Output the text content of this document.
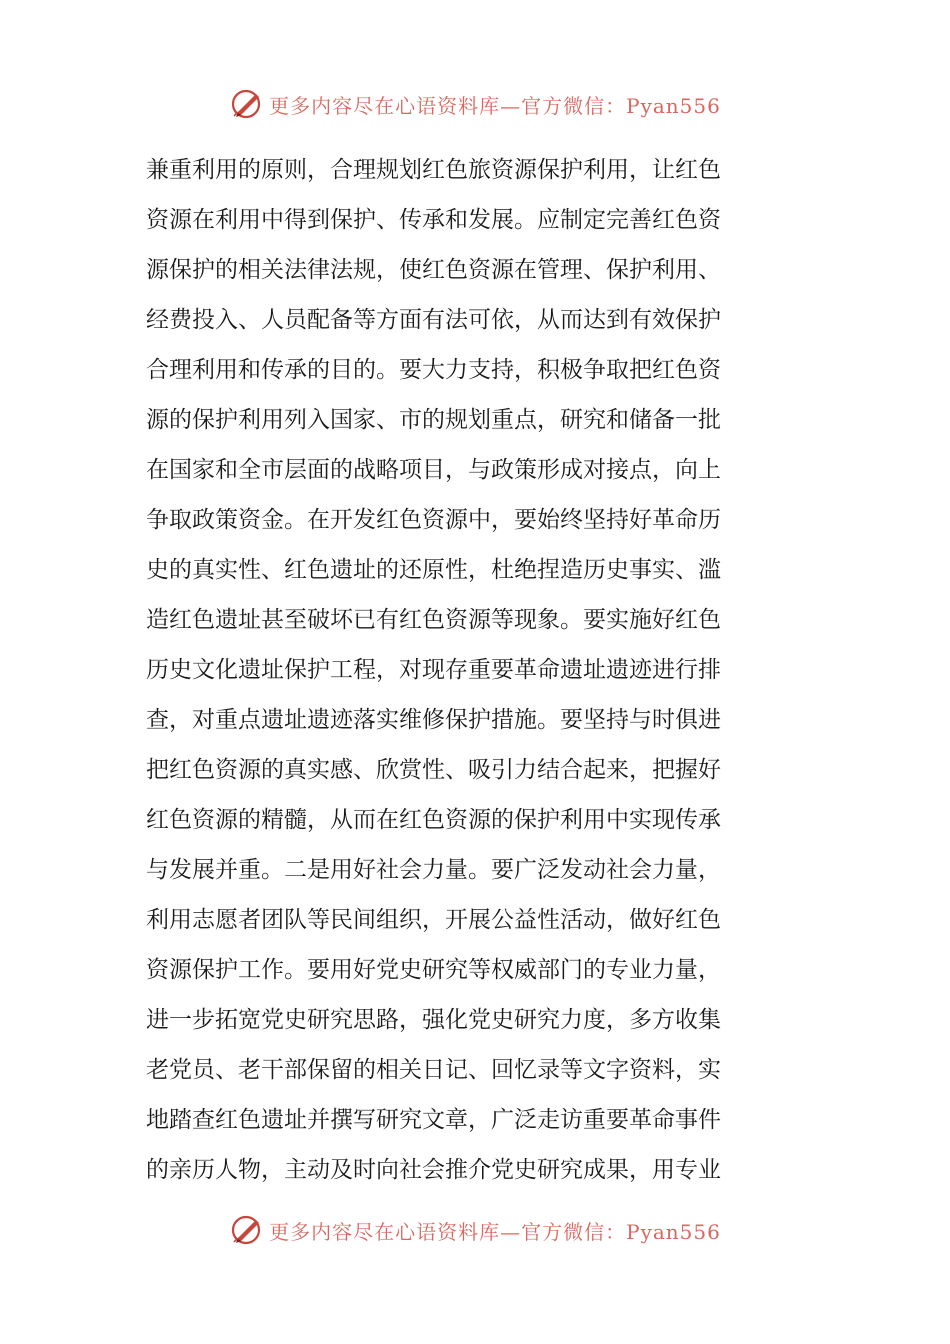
更多内容尽在心语资料库—官方微信：Pyan556
兼重利用的原则，合理规划红色旅资源保护利用，让红色
资源在利用中得到保护、传承和发展。应制定完善红色资
源保护的相关法律法规，使红色资源在管理、保护利用、
经费投入、人员配备等方面有法可依，从而达到有效保护
合理利用和传承的目的。要大力支持，积极争取把红色资
源的保护利用列入国家、市的规划重点，研究和储备一批
在国家和全市层面的战略项目，与政策形成对接点，向上
争取政策资金。在开发红色资源中，要始终坚持好革命历
史的真实性、红色遗址的还原性，杜绝捏造历史事实、滥
造红色遗址甚至破坏已有红色资源等现象。要实施好红色
历史文化遗址保护工程，对现存重要革命遗址遗迹进行排
查，对重点遗址遗迹落实维修保护措施。要坚持与时俱进
把红色资源的真实感、欣赏性、吸引力结合起来，把握好
红色资源的精髓，从而在红色资源的保护利用中实现传承
与发展并重。二是用好社会力量。要广泛发动社会力量，
利用志愿者团队等民间组织，开展公益性活动，做好红色
资源保护工作。要用好党史研究等权威部门的专业力量，
进一步拓宽党史研究思路，强化党史研究力度，多方收集
老党员、老干部保留的相关日记、回忆录等文字资料，实
地踏查红色遗址并撰写研究文章，广泛走访重要革命事件
的亲历人物，主动及时向社会推介党史研究成果，用专业
更多内容尽在心语资料库—官方微信：Pyan556
